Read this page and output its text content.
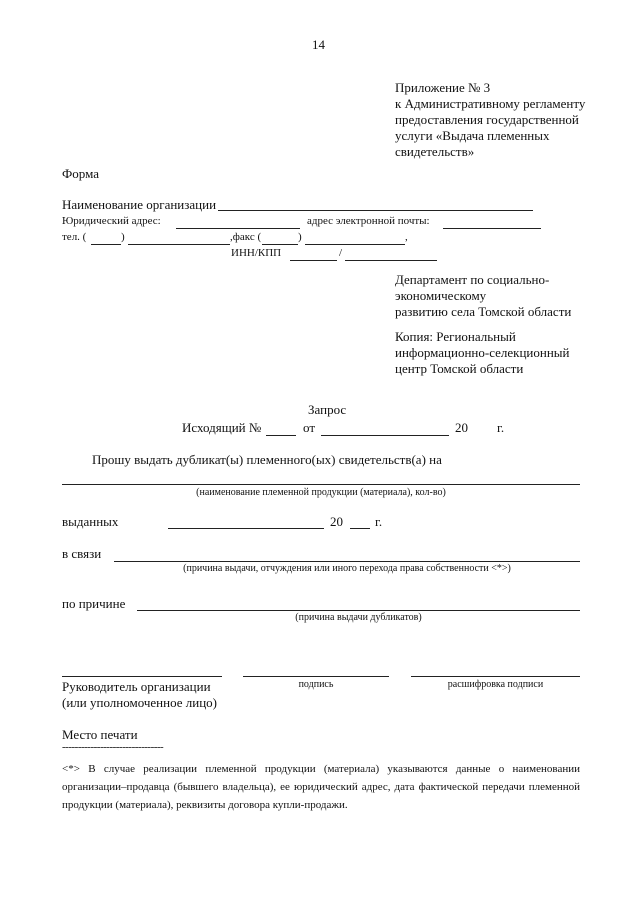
14
Приложение № 3
к Административному регламенту
предоставления государственной
услуги «Выдача племенных
свидетельств»
Форма
Наименование организации
Юридический адрес:	адрес электронной почты:
тел. (	)	,факс (	)	,
ИНН/КПП	/
Департамент по социально-
экономическому
развитию села Томской области
Копия: Региональный
информационно-селекционный
центр Томской области
Запрос
Исходящий №	от	20 г.
Прошу выдать дубликат(ы) племенного(ых) свидетельств(а) на
(наименование племенной продукции (материала), кол-во)
выданных	20 г.
в связи
(причина выдачи, отчуждения или иного перехода права собственности <*>)
по причине
(причина выдачи дубликатов)
Руководитель организации	подпись	расшифровка подписи
(или уполномоченное лицо)
Место печати
--------------------------------
<*> В случае реализации племенной продукции (материала) указываются данные о наименовании организации–продавца (бывшего владельца), ее юридический адрес, дата фактической передачи племенной продукции (материала), реквизиты договора купли-продажи.
